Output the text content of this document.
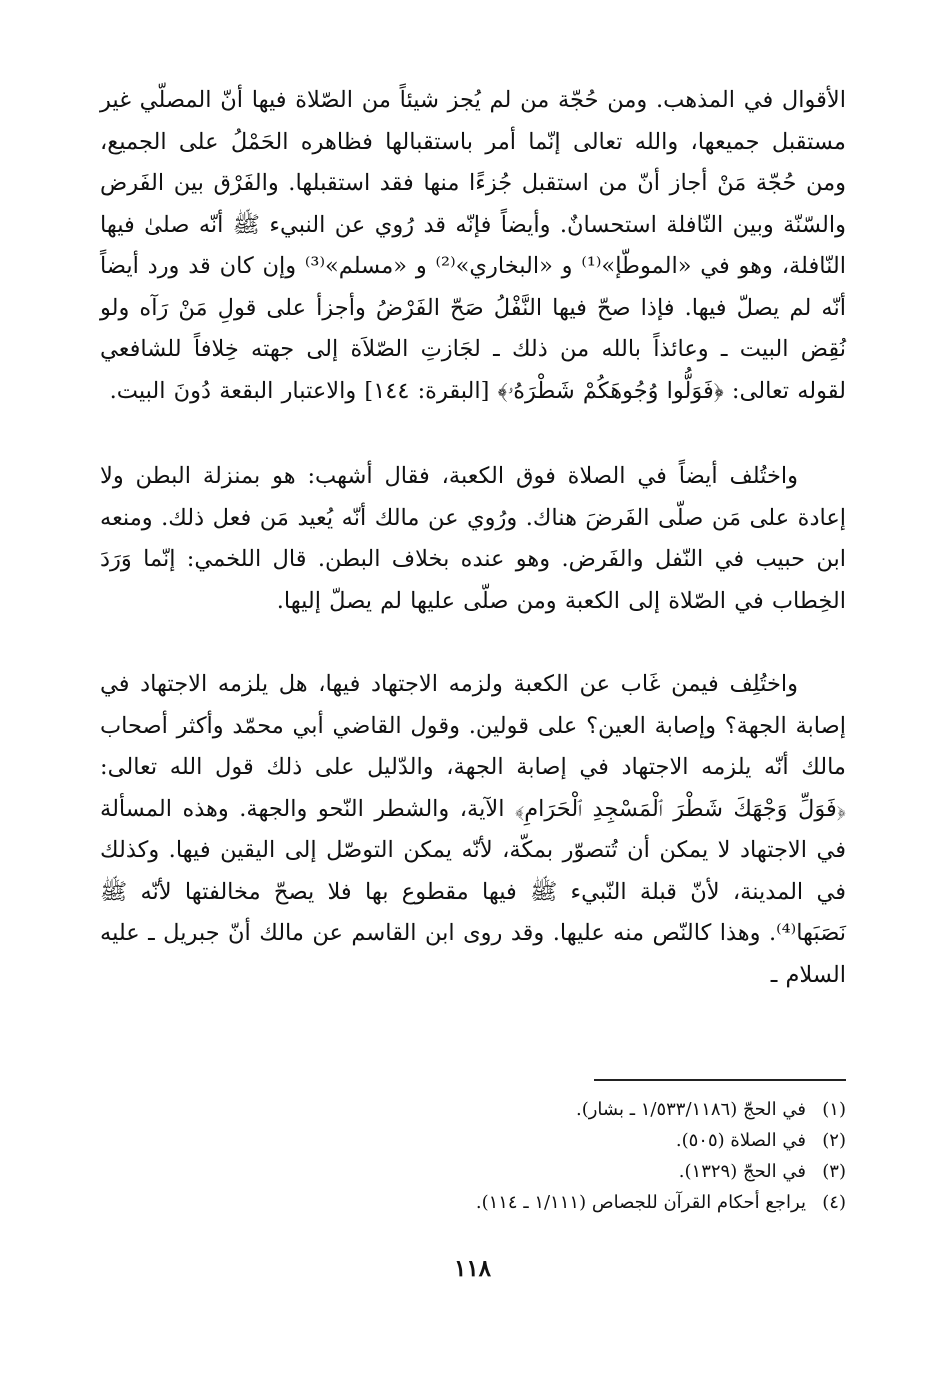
الأقوال في المذهب. ومن حُجّة من لم يُجز شيئاً من الصّلاة فيها أنّ المصلّي غير مستقبل جميعها، والله تعالى إنّما أمر باستقبالها فظاهره الحَمْلُ على الجميع، ومن حُجّة مَنْ أجاز أنّ من استقبل جُزءًا منها فقد استقبلها. والفَرْق بين الفَرض والسّنّة وبين النّافلة استحسانٌ. وأيضاً فإنّه قد رُوي عن النبيء ﷺ أنّه صلىٰ فيها النّافلة، وهو في «الموطّإ»⁽¹⁾ و «البخاري»⁽²⁾ و «مسلم»⁽³⁾ وإن كان قد ورد أيضاً أنّه لم يصلّ فيها. فإذا صحّ فيها النَّفْلُ صَحّ الفَرْضُ وأجزأ على قولِ مَنْ رَآه ولو نُقِض البيت ـ وعائذاً بالله من ذلك ـ لجَازتِ الصّلاَة إلى جهته خِلافاً للشافعي لقوله تعالى: ﴿فَوَلُّوا وُجُوهَكُمْ شَطْرَهُۥ﴾ [البقرة: ١٤٤] والاعتبار البقعة دُونَ البيت.

واختُلف أيضاً في الصلاة فوق الكعبة، فقال أشهب: هو بمنزلة البطن ولا إعادة على مَن صلّى الفَرضَ هناك. ورُوي عن مالك أنّه يُعيد مَن فعل ذلك. ومنعه ابن حبيب في النّفل والفَرض. وهو عنده بخلاف البطن. قال اللخمي: إنّما وَرَدَ الخِطاب في الصّلاة إلى الكعبة ومن صلّى عليها لم يصلّ إليها.

واختُلِف فيمن غَاب عن الكعبة ولزمه الاجتهاد فيها، هل يلزمه الاجتهاد في إصابة الجهة؟ وإصابة العين؟ على قولين. وقول القاضي أبي محمّد وأكثر أصحاب مالك أنّه يلزمه الاجتهاد في إصابة الجهة، والدّليل على ذلك قول الله تعالى: ﴿فَوَلِّ وَجْهَكَ شَطْرَ ٱلْمَسْجِدِ ٱلْحَرَامِ﴾ الآية، والشطر النّحو والجهة. وهذه المسألة في الاجتهاد لا يمكن أن تُتصوّر بمكّة، لأنّه يمكن التوصّل إلى اليقين فيها. وكذلك في المدينة، لأنّ قبلة النّبيء ﷺ فيها مقطوع بها فلا يصحّ مخالفتها لأنّه ﷺ نَصَبَها⁽⁴⁾. وهذا كالنّص منه عليها. وقد روى ابن القاسم عن مالك أنّ جبريل ـ عليه السلام ـ

(١)في الحجّ (١/٥٣٣/١١٨٦ ـ بشار).
(٢)في الصلاة (٥٠٥).
(٣)في الحجّ (١٣٢٩).
(٤)يراجع أحكام القرآن للجصاص (١/١١١ ـ ١١٤).
١١٨
